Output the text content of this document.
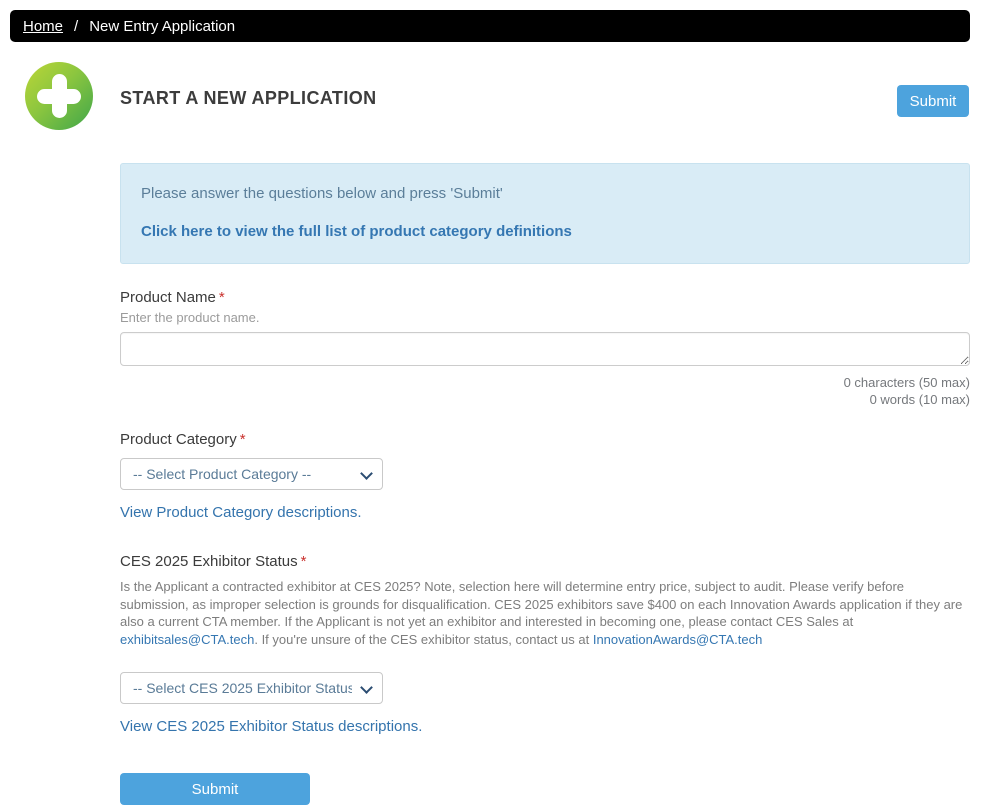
Home / New Entry Application
START A NEW APPLICATION	Submit
Please answer the questions below and press 'Submit'
Click here to view the full list of product category definitions
Product Name *
Enter the product name.
0 characters (50 max)
0 words (10 max)
Product Category *
-- Select Product Category --
View Product Category descriptions.
CES 2025 Exhibitor Status *
Is the Applicant a contracted exhibitor at CES 2025? Note, selection here will determine entry price, subject to audit. Please verify before submission, as improper selection is grounds for disqualification. CES 2025 exhibitors save $400 on each Innovation Awards application if they are also a current CTA member. If the Applicant is not yet an exhibitor and interested in becoming one, please contact CES Sales at exhibitsales@CTA.tech. If you're unsure of the CES exhibitor status, contact us at InnovationAwards@CTA.tech
-- Select CES 2025 Exhibitor Status --
View CES 2025 Exhibitor Status descriptions.
Submit
